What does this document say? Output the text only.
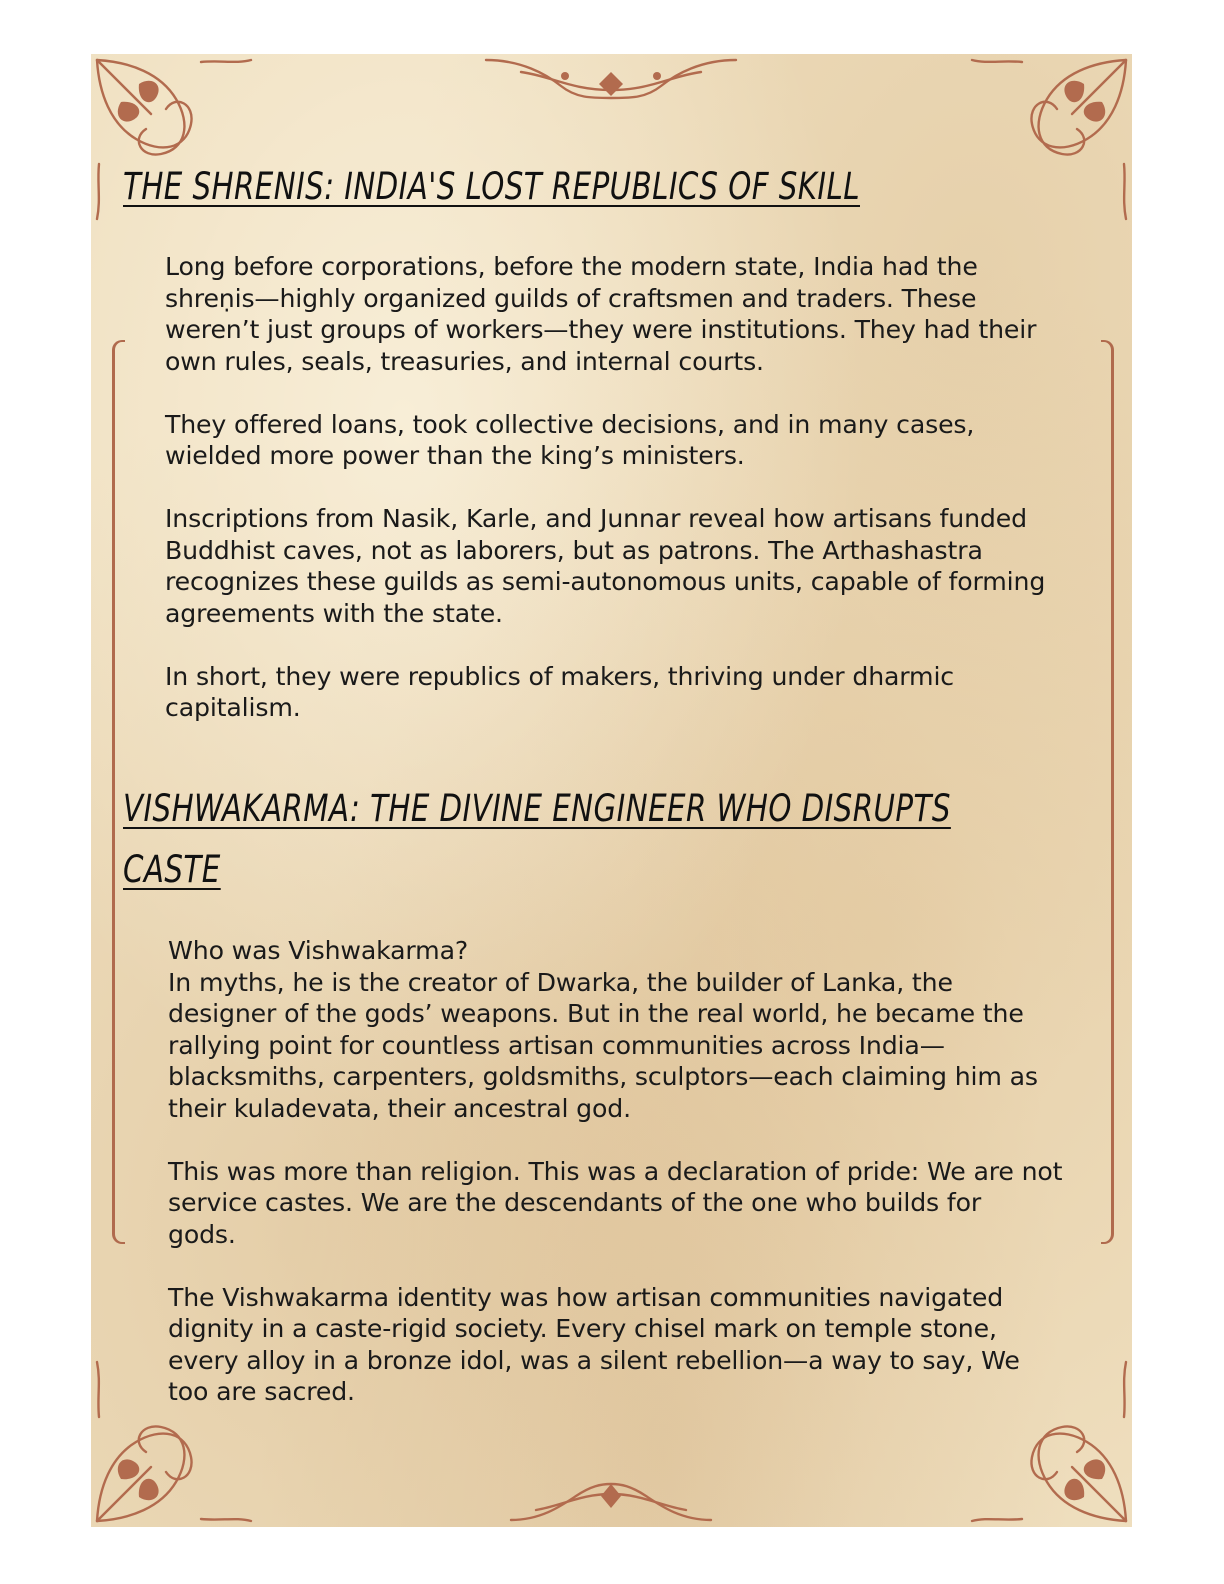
THE SHRENIS: INDIA'S LOST REPUBLICS OF SKILL

Long before corporations, before the modern state, India had the
shreṇis—highly organized guilds of craftsmen and traders. These
weren’t just groups of workers—they were institutions. They had their
own rules, seals, treasuries, and internal courts.

They offered loans, took collective decisions, and in many cases,
wielded more power than the king’s ministers.

Inscriptions from Nasik, Karle, and Junnar reveal how artisans funded
Buddhist caves, not as laborers, but as patrons. The Arthashastra
recognizes these guilds as semi-autonomous units, capable of forming
agreements with the state.

In short, they were republics of makers, thriving under dharmic
capitalism.

VISHWAKARMA: THE DIVINE ENGINEER WHO DISRUPTS
CASTE

Who was Vishwakarma?
In myths, he is the creator of Dwarka, the builder of Lanka, the
designer of the gods’ weapons. But in the real world, he became the
rallying point for countless artisan communities across India—
blacksmiths, carpenters, goldsmiths, sculptors—each claiming him as
their kuladevata, their ancestral god.

This was more than religion. This was a declaration of pride: We are not
service castes. We are the descendants of the one who builds for
gods.

The Vishwakarma identity was how artisan communities navigated
dignity in a caste-rigid society. Every chisel mark on temple stone,
every alloy in a bronze idol, was a silent rebellion—a way to say, We
too are sacred.
